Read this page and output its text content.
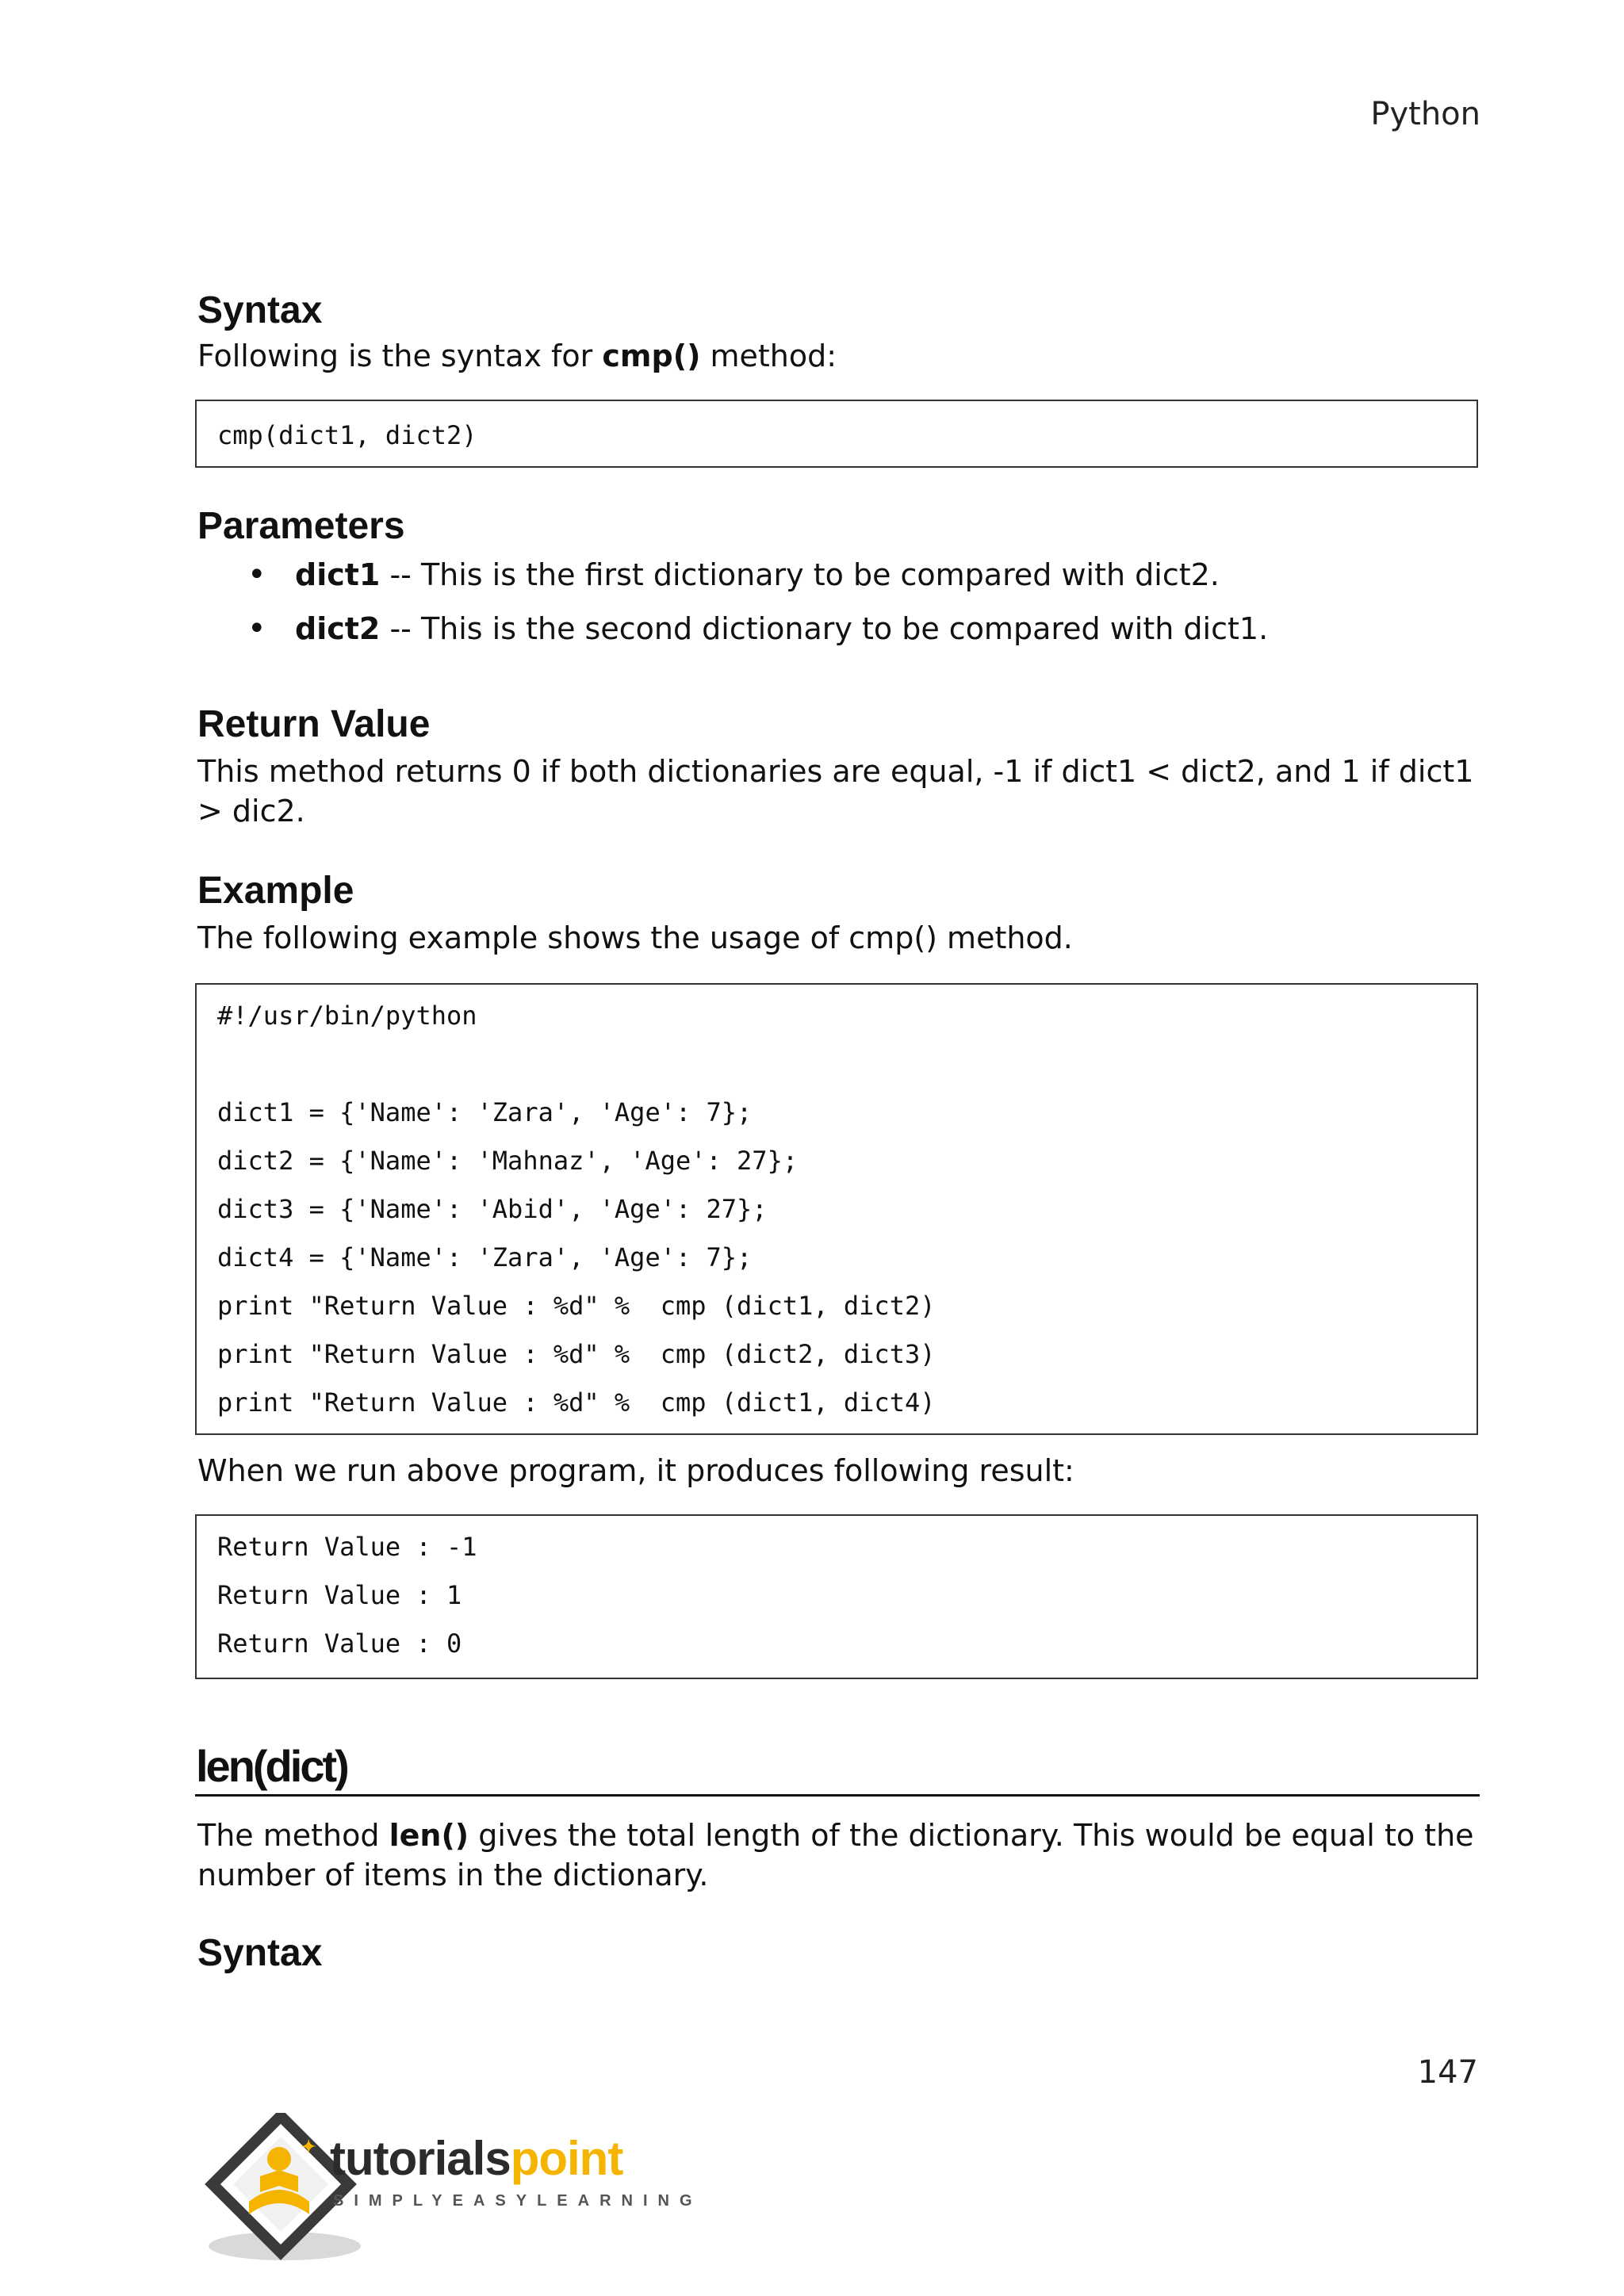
Python
Syntax
Following is the syntax for cmp() method:
cmp(dict1, dict2)
Parameters
• dict1 -- This is the first dictionary to be compared with dict2.
• dict2 -- This is the second dictionary to be compared with dict1.
Return Value
This method returns 0 if both dictionaries are equal, -1 if dict1 < dict2, and 1 if dict1
> dic2.
Example
The following example shows the usage of cmp() method.
#!/usr/bin/python
dict1 = {'Name': 'Zara', 'Age': 7};
dict2 = {'Name': 'Mahnaz', 'Age': 27};
dict3 = {'Name': 'Abid', 'Age': 27};
dict4 = {'Name': 'Zara', 'Age': 7};
print "Return Value : %d" %  cmp (dict1, dict2)
print "Return Value : %d" %  cmp (dict2, dict3)
print "Return Value : %d" %  cmp (dict1, dict4)
When we run above program, it produces following result:
Return Value : -1
Return Value : 1
Return Value : 0
len(dict)
The method len() gives the total length of the dictionary. This would be equal to the
number of items in the dictionary.
Syntax
147
✦ tutorialspoint
SIMPLYEASYLEARNING
